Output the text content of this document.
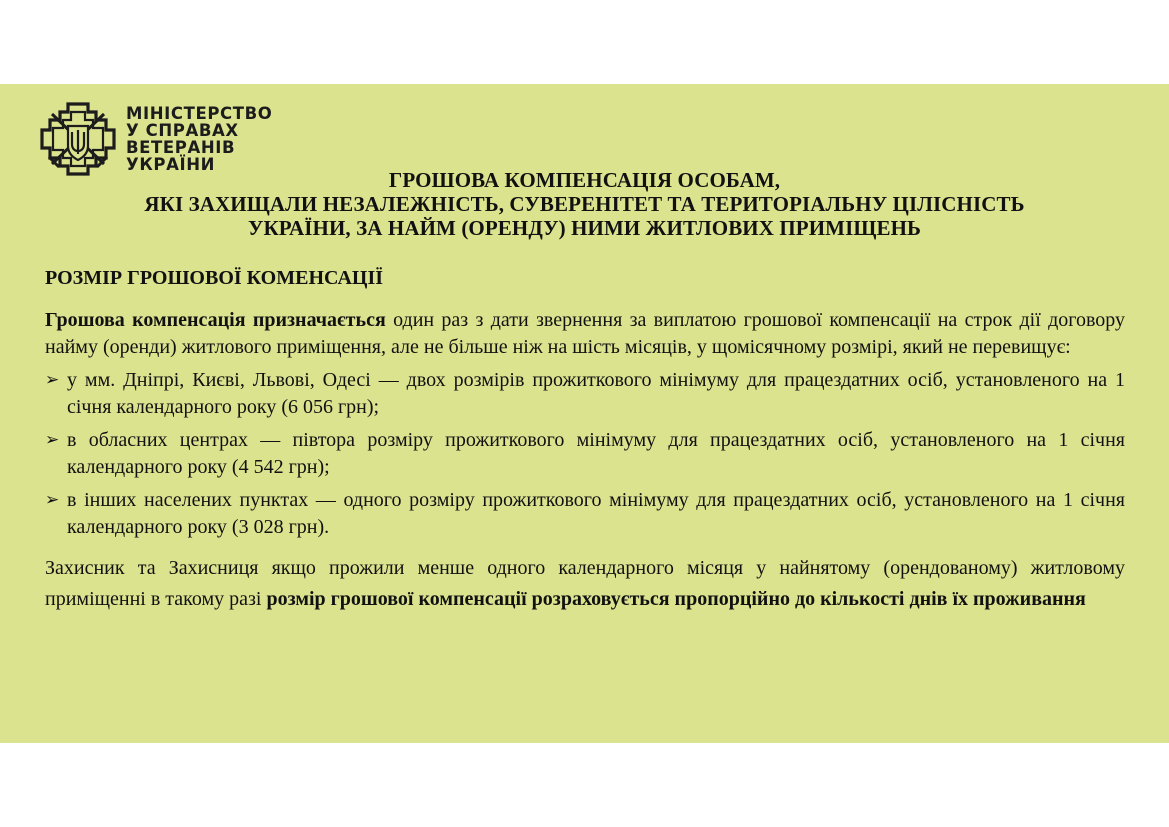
МІНІСТЕРСТВО
У СПРАВАХ
ВЕТЕРАНІВ
УКРАЇНИ
ГРОШОВА КОМПЕНСАЦІЯ ОСОБАМ,
ЯКІ ЗАХИЩАЛИ НЕЗАЛЕЖНІСТЬ, СУВЕРЕНІТЕТ ТА ТЕРИТОРІАЛЬНУ ЦІЛІСНІСТЬ
УКРАЇНИ, ЗА НАЙМ (ОРЕНДУ) НИМИ ЖИТЛОВИХ ПРИМІЩЕНЬ
РОЗМІР ГРОШОВОЇ КОМЕНСАЦІЇ

Грошова компенсація призначається один раз з дати звернення за виплатою грошової компенсації на строк дії договору найму (оренди) житлового приміщення, але не більше ніж на шість місяців, у щомісячному розмірі, який не перевищує:

➢ у мм. Дніпрі, Києві, Львові, Одесі — двох розмірів прожиткового мінімуму для працездатних осіб, установленого на 1 січня календарного року (6 056 грн);
➢ в обласних центрах — півтора розміру прожиткового мінімуму для працездатних осіб, установленого на 1 січня календарного року (4 542 грн);
➢ в інших населених пунктах — одного розміру прожиткового мінімуму для працездатних осіб, установленого на 1 січня календарного року (3 028 грн).

Захисник та Захисниця якщо прожили менше одного календарного місяця у найнятому (орендованому) житловому приміщенні в такому разі розмір грошової компенсації розраховується пропорційно до кількості днів їх проживання
